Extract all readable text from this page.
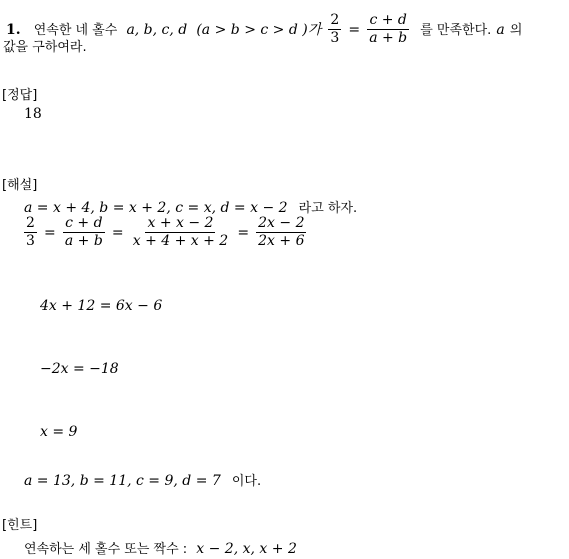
1. 연속한 네 홀수 a, b, c, d (a > b > c > d )가 $\frac{2}{3} = \frac{c + d}{a + b}$ 를 만족한다. a 의
값을 구하여라.
[정답]
18
[해설]
a = x + 4, b = x + 2, c = x, d = x − 2 라고 하자.
$\frac{2}{3} = \frac{c + d}{a + b} = \frac{x + x - 2}{x + 4 + x + 2} = \frac{2x - 2}{2x + 6}$
4x + 12 = 6x − 6
−2x = −18
x = 9
a = 13, b = 11, c = 9, d = 7 이다.
[힌트]
연속하는 세 홀수 또는 짝수 : x − 2, x, x + 2
